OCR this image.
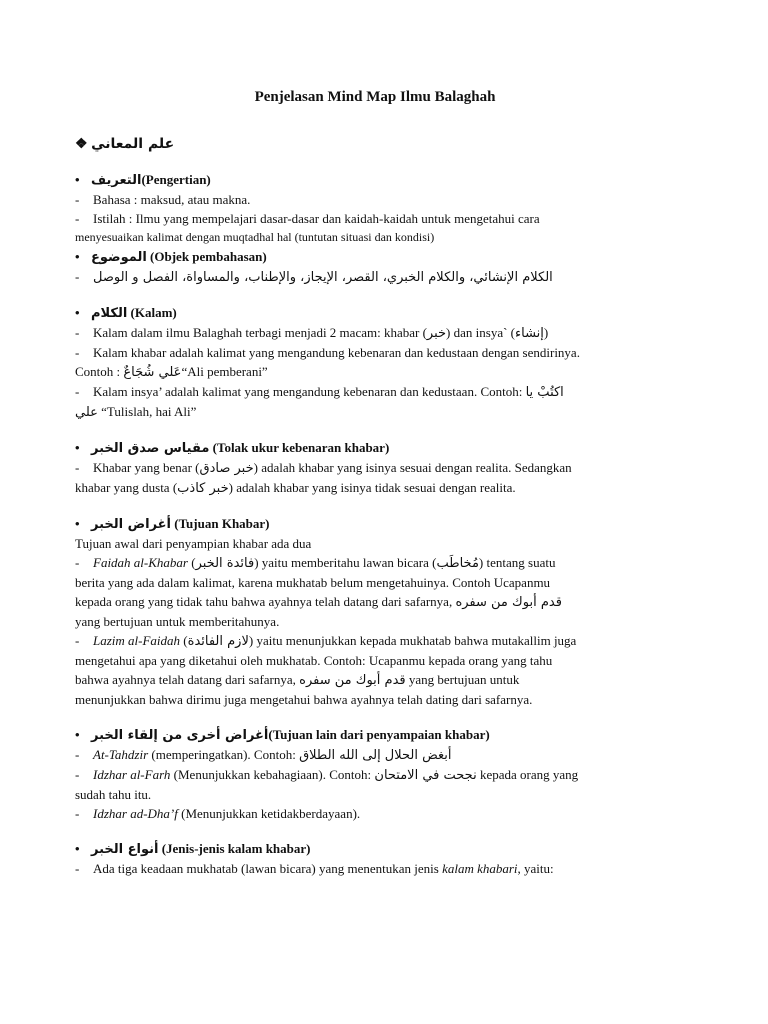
Penjelasan Mind Map Ilmu Balaghah

❖ علم المعاني

• التعريف(Pengertian)

- Bahasa : maksud, atau makna.

- Istilah : Ilmu yang mempelajari dasar-dasar dan kaidah-kaidah untuk mengetahui cara

menyesuaikan kalimat dengan muqtadhal hal (tuntutan situasi dan kondisi)

• الموضوع (Objek pembahasan)

- الكلام الإنشائي، والكلام الخبري، القصر، الإيجاز، والإطناب، والمساواة، الفصل و الوصل

• الكلام (Kalam)

- Kalam dalam ilmu Balaghah terbagi menjadi 2 macam: khabar (خبر) dan insya` (إنشاء)

- Kalam khabar adalah kalimat yang mengandung kebenaran dan kedustaan dengan sendirinya.

Contoh : عَلي شُجَاعٌ“Ali pemberani”

- Kalam insya’ adalah kalimat yang mengandung kebenaran dan kedustaan. Contoh: اكتُبْ يا

علي “Tulislah, hai Ali”

• مقياس صدق الخبر (Tolak ukur kebenaran khabar)

- Khabar yang benar (خبر صادق) adalah khabar yang isinya sesuai dengan realita. Sedangkan

khabar yang dusta (خبر كاذب) adalah khabar yang isinya tidak sesuai dengan realita.

• أغراض الخبر (Tujuan Khabar)

Tujuan awal dari penyampian khabar ada dua

- Faidah al-Khabar (فائدة الخبر) yaitu memberitahu lawan bicara (مُخاطَب) tentang suatu

berita yang ada dalam kalimat, karena mukhatab belum mengetahuinya. Contoh Ucapanmu

kepada orang yang tidak tahu bahwa ayahnya telah datang dari safarnya, قدم أبوك من سفره

yang bertujuan untuk memberitahunya.

- Lazim al-Faidah (لازم الفائدة) yaitu menunjukkan kepada mukhatab bahwa mutakallim juga

mengetahui apa yang diketahui oleh mukhatab. Contoh: Ucapanmu kepada orang yang tahu

bahwa ayahnya telah datang dari safarnya, قدم أبوك من سفره yang bertujuan untuk

menunjukkan bahwa dirimu juga mengetahui bahwa ayahnya telah dating dari safarnya.

• أغراض أخرى من إلقاء الخبر(Tujuan lain dari penyampaian khabar)

- At-Tahdzir (memperingatkan). Contoh: أبغض الحلال إلى الله الطلاق

- Idzhar al-Farh (Menunjukkan kebahagiaan). Contoh: نجحت في الامتحان kepada orang yang

sudah tahu itu.

- Idzhar ad-Dha’f (Menunjukkan ketidakberdayaan).

• أنواع الخبر (Jenis-jenis kalam khabar)

- Ada tiga keadaan mukhatab (lawan bicara) yang menentukan jenis kalam khabari, yaitu:
